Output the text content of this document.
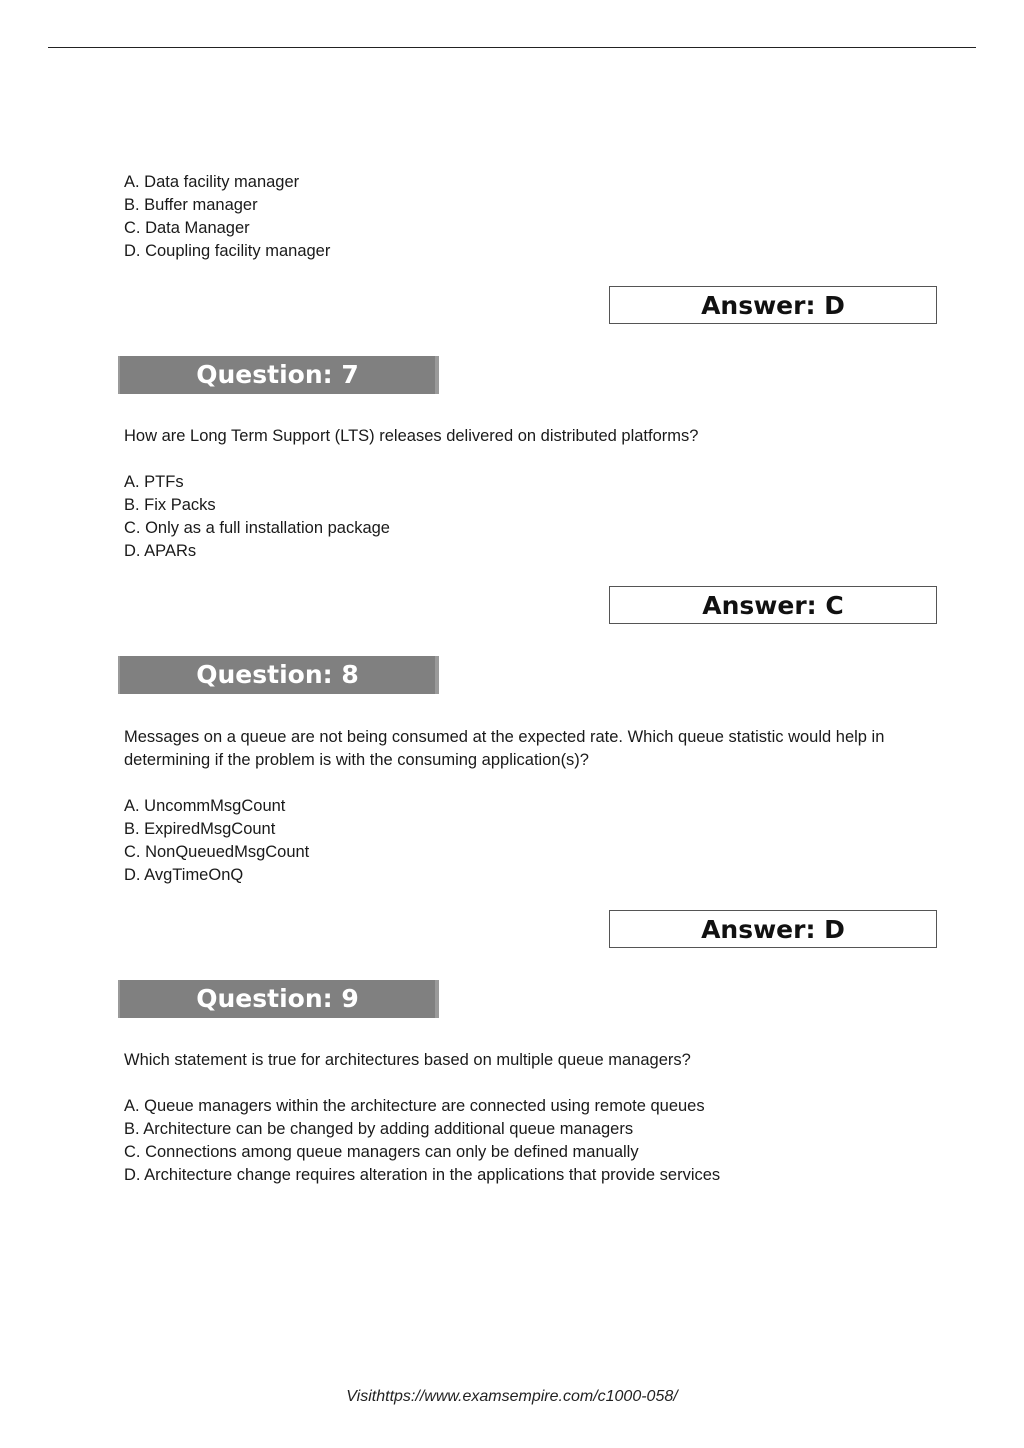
A. Data facility manager
B. Buffer manager
C. Data Manager
D. Coupling facility manager
Answer: D
Question: 7
How are Long Term Support (LTS) releases delivered on distributed platforms?
A. PTFs
B. Fix Packs
C. Only as a full installation package
D. APARs
Answer: C
Question: 8
Messages on a queue are not being consumed at the expected rate. Which queue statistic would help in determining if the problem is with the consuming application(s)?
A. UncommMsgCount
B. ExpiredMsgCount
C. NonQueuedMsgCount
D. AvgTimeOnQ
Answer: D
Question: 9
Which statement is true for architectures based on multiple queue managers?
A. Queue managers within the architecture are connected using remote queues
B. Architecture can be changed by adding additional queue managers
C. Connections among queue managers can only be defined manually
D. Architecture change requires alteration in the applications that provide services
Visithttps://www.examsempire.com/c1000-058/
